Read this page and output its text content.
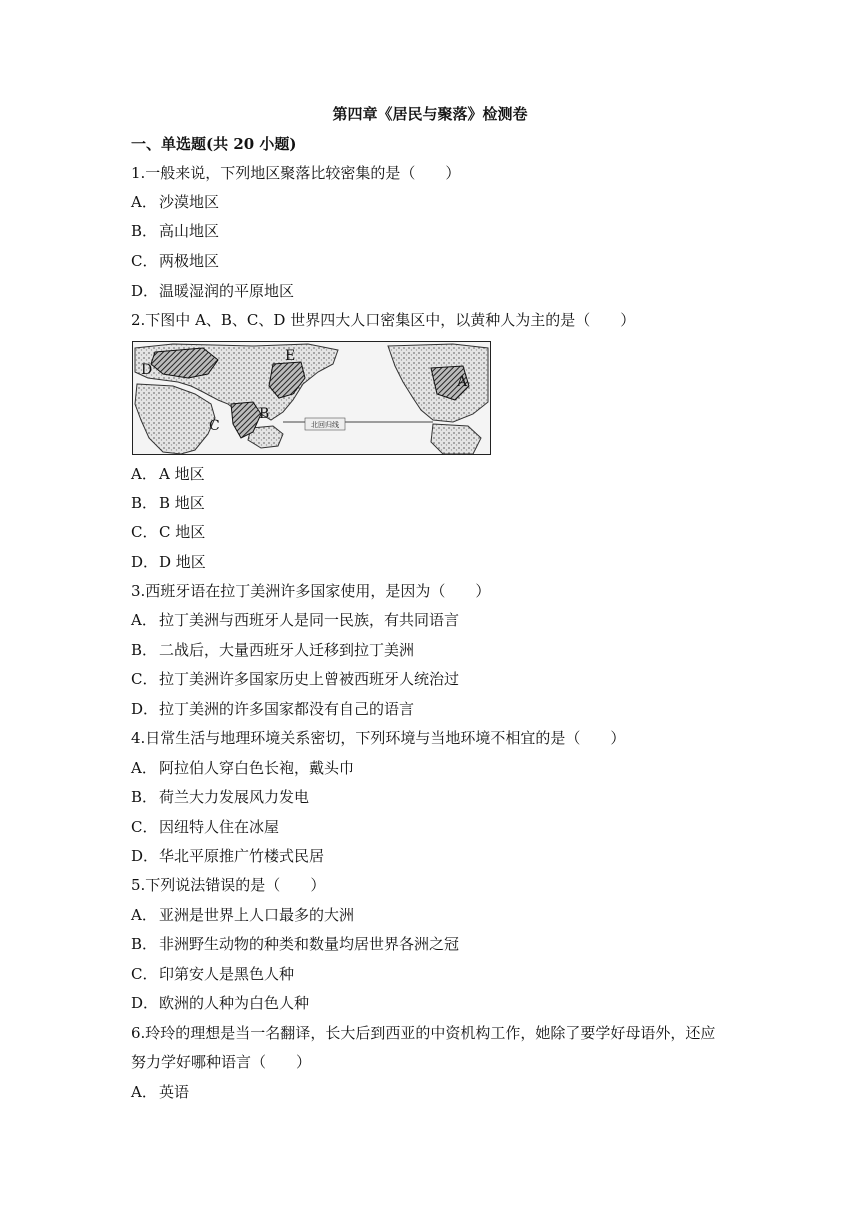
第四章《居民与聚落》检测卷
一、单选题(共 20 小题)
1.一般来说，下列地区聚落比较密集的是（　　）
A． 沙漠地区
B． 高山地区
C． 两极地区
D．温暖湿润的平原地区
2.下图中 A、B、C、D 世界四大人口密集区中，以黄种人为主的是（　　）
北回归线
D
E
B
C
A
A． A 地区
B． B 地区
C． C 地区
D．D 地区
3.西班牙语在拉丁美洲许多国家使用，是因为（　　）
A． 拉丁美洲与西班牙人是同一民族，有共同语言
B． 二战后，大量西班牙人迁移到拉丁美洲
C． 拉丁美洲许多国家历史上曾被西班牙人统治过
D．拉丁美洲的许多国家都没有自己的语言
4.日常生活与地理环境关系密切，下列环境与当地环境不相宜的是（　　）
A． 阿拉伯人穿白色长袍，戴头巾
B． 荷兰大力发展风力发电
C． 因纽特人住在冰屋
D．华北平原推广竹楼式民居
5.下列说法错误的是（　　）
A． 亚洲是世界上人口最多的大洲
B． 非洲野生动物的种类和数量均居世界各洲之冠
C． 印第安人是黑色人种
D．欧洲的人种为白色人种
6.玲玲的理想是当一名翻译，长大后到西亚的中资机构工作，她除了要学好母语外，还应
努力学好哪种语言（　　）
A． 英语
